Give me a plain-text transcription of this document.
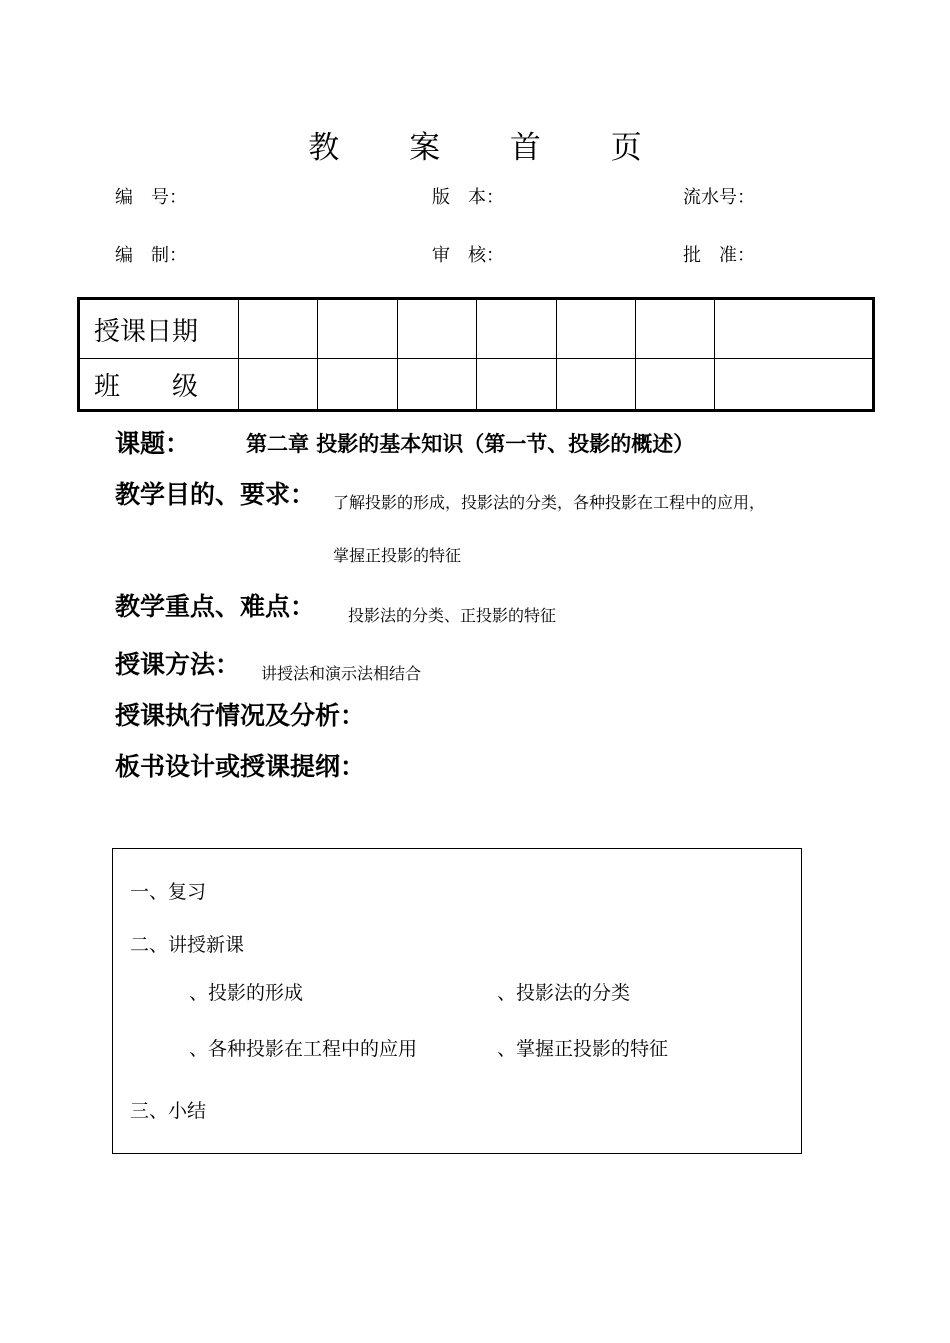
教 案 首 页
编　号：	版　本：	流水号：
编　制：	审　核：	批　准：
授课日期							
班　　级							
课题：	第二章 投影的基本知识（第一节、投影的概述）
教学目的、要求： 了解投影的形成，投影法的分类，各种投影在工程中的应用，
掌握正投影的特征
教学重点、难点： 投影法的分类、正投影的特征
授课方法： 讲授法和演示法相结合
授课执行情况及分析：
板书设计或授课提纲：
一、复习
二、讲授新课
、投影的形成	、投影法的分类
、各种投影在工程中的应用	、掌握正投影的特征
三、小结
